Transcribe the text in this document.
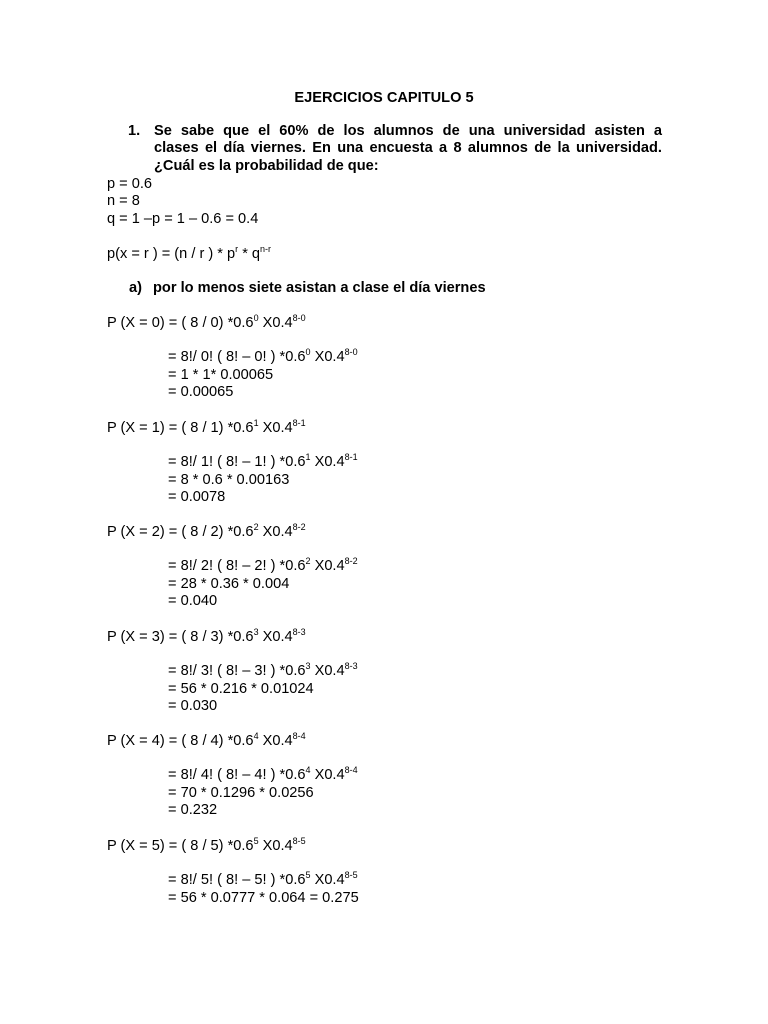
EJERCICIOS CAPITULO 5
1. Se sabe que el 60% de los alumnos de una universidad asisten a
clases el día viernes. En una encuesta a 8 alumnos de la universidad.
¿Cuál es la probabilidad de que:
p = 0.6
n = 8
q = 1 –p = 1 – 0.6 = 0.4
p(x = r ) = (n / r ) * $p^r * q^{n-r}$
a) por lo menos siete asistan a clase el día viernes
P (X = 0) = ( 8 / 0) $*0.6^0$ $X0.4^{8-0}$
= 8!/ 0! ( 8! – 0! ) $*0.6^0$ $X0.4^{8-0}$
= 1 * 1* 0.00065
= 0.00065
P (X = 1) = ( 8 / 1) $*0.6^1$ $X0.4^{8-1}$
= 8!/ 1! ( 8! – 1! ) $*0.6^1$ $X0.4^{8-1}$
= 8 * 0.6 * 0.00163
= 0.0078
P (X = 2) = ( 8 / 2) $*0.6^2$ $X0.4^{8-2}$
= 8!/ 2! ( 8! – 2! ) $*0.6^2$ $X0.4^{8-2}$
= 28 * 0.36 * 0.004
= 0.040
P (X = 3) = ( 8 / 3) $*0.6^3$ $X0.4^{8-3}$
= 8!/ 3! ( 8! – 3! ) $*0.6^3$ $X0.4^{8-3}$
= 56 * 0.216 * 0.01024
= 0.030
P (X = 4) = ( 8 / 4) $*0.6^4$ $X0.4^{8-4}$
= 8!/ 4! ( 8! – 4! ) $*0.6^4$ $X0.4^{8-4}$
= 70 * 0.1296 * 0.0256
= 0.232
P (X = 5) = ( 8 / 5) $*0.6^5$ $X0.4^{8-5}$
= 8!/ 5! ( 8! – 5! ) $*0.6^5$ $X0.4^{8-5}$
= 56 * 0.0777 * 0.064 = 0.275
